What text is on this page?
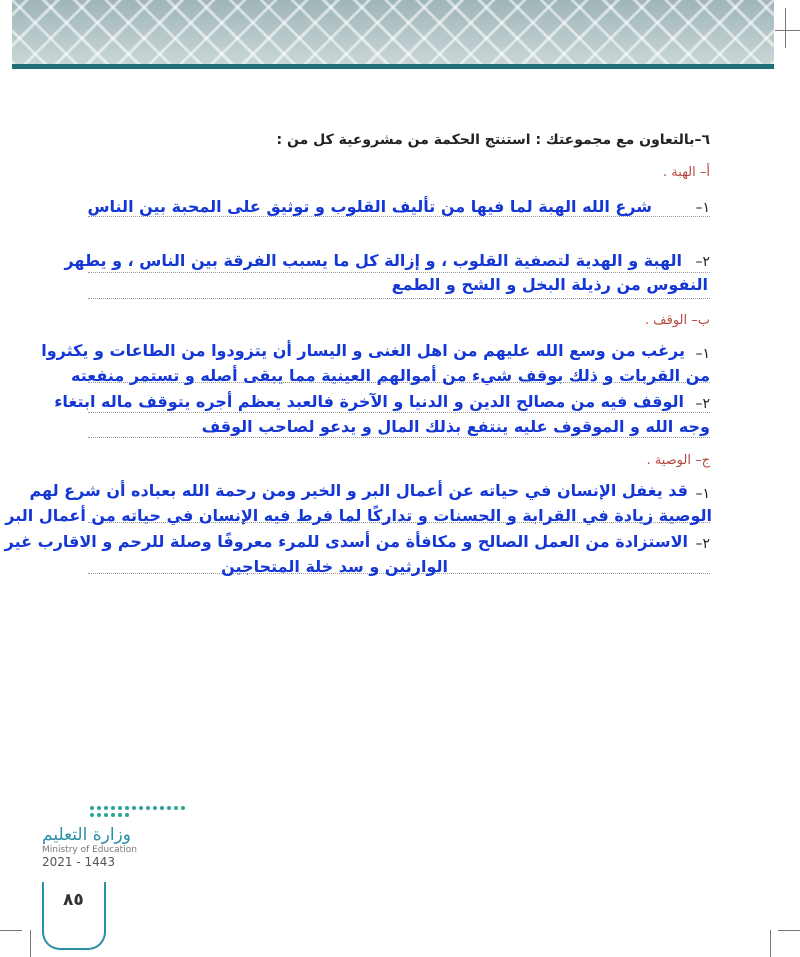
٦–بالتعاون مع مجموعتك : استنتج الحكمة من مشروعية كل من :
أ– الهبة .
١–
شرع الله الهبة لما فيها من تأليف القلوب و توثيق على المحبة بين الناس
٢–
الهبة و الهدية لتصفية القلوب ، و إزالة كل ما يسبب الفرقة بين الناس ، و يطهر
النفوس من رذيلة البخل و الشح و الطمع
ب– الوقف .
١–
يرغب من وسع الله عليهم من اهل الغنى و اليسار أن يتزودوا من الطاعات و يكثروا
من القربات و ذلك بوقف شيء من أموالهم العينية مما يبقى أصله و تستمر منفعته
٢–
الوقف فيه من مصالح الدين و الدنيا و الآخرة فالعبد يعظم أجره يتوقف ماله ابتغاء
وجه الله و الموقوف عليه ينتفع بذلك المال و يدعو لصاحب الوقف
ج– الوصية .
١–
قد يغفل الإنسان في حياته عن أعمال البر و الخير ومن رحمة الله بعباده أن شرع لهم
الوصية زيادة في القرابة و الحسنات و تداركًا لما فرط فيه الإنسان في حياته من أعمال البر
٢–
الاستزادة من العمل الصالح و مكافأة من أسدى للمرء معروفًا وصلة للرحم و الاقارب غير
الوارثين و سد خلة المتحاجين
وزارة التعليم
Ministry of Education
2021 - 1443
٨٥
